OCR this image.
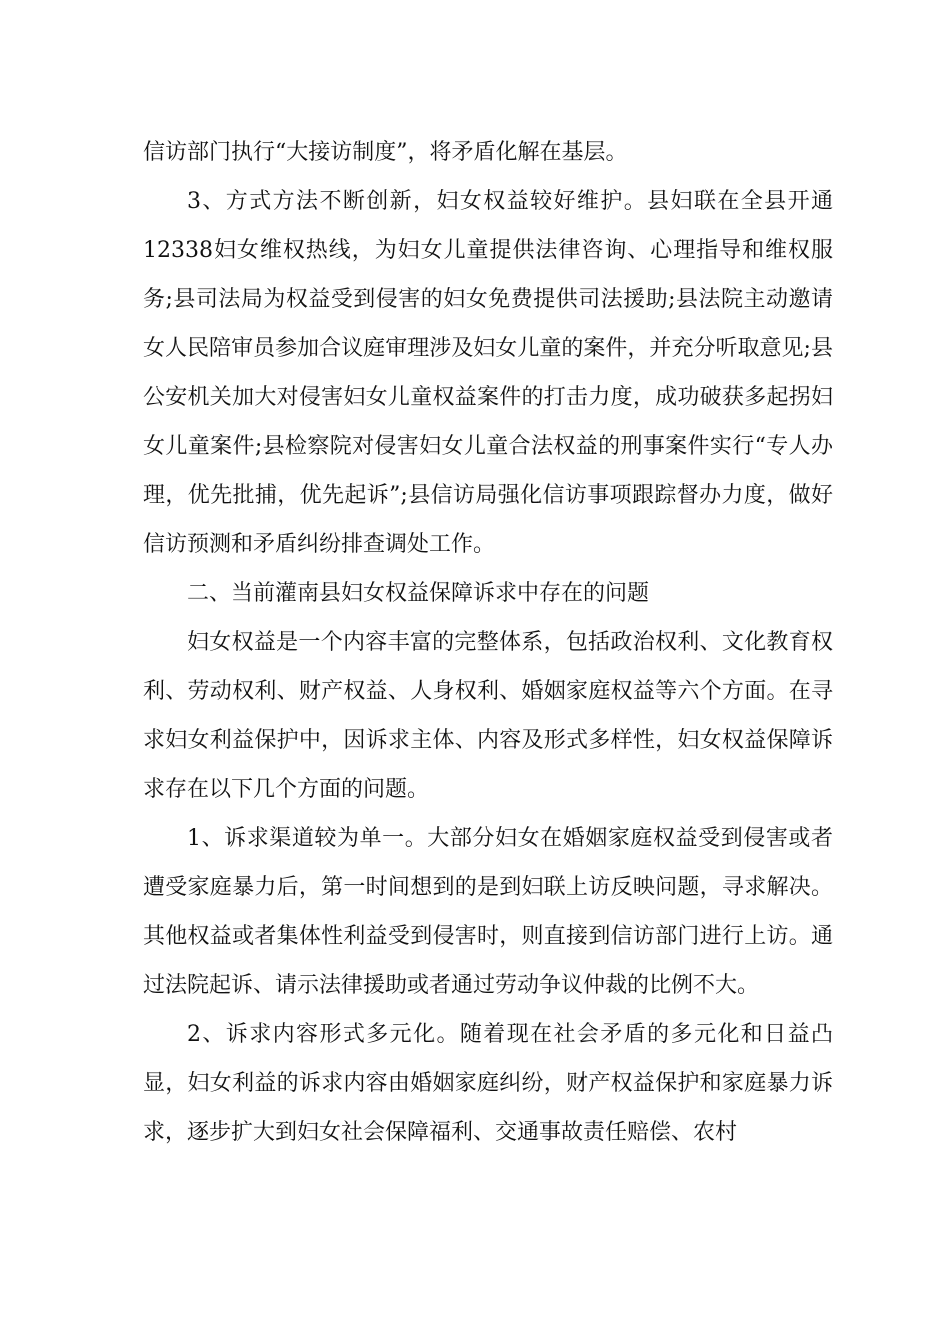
信访部门执行“大接访制度”，将矛盾化解在基层。

3、方式方法不断创新，妇女权益较好维护。县妇联在全县开通12338妇女维权热线，为妇女儿童提供法律咨询、心理指导和维权服务;县司法局为权益受到侵害的妇女免费提供司法援助;县法院主动邀请女人民陪审员参加合议庭审理涉及妇女儿童的案件，并充分听取意见;县公安机关加大对侵害妇女儿童权益案件的打击力度，成功破获多起拐妇女儿童案件;县检察院对侵害妇女儿童合法权益的刑事案件实行“专人办理，优先批捕，优先起诉”;县信访局强化信访事项跟踪督办力度，做好信访预测和矛盾纠纷排查调处工作。

二、当前灌南县妇女权益保障诉求中存在的问题

妇女权益是一个内容丰富的完整体系，包括政治权利、文化教育权利、劳动权利、财产权益、人身权利、婚姻家庭权益等六个方面。在寻求妇女利益保护中，因诉求主体、内容及形式多样性，妇女权益保障诉求存在以下几个方面的问题。

1、诉求渠道较为单一。大部分妇女在婚姻家庭权益受到侵害或者遭受家庭暴力后，第一时间想到的是到妇联上访反映问题，寻求解决。其他权益或者集体性利益受到侵害时，则直接到信访部门进行上访。通过法院起诉、请示法律援助或者通过劳动争议仲裁的比例不大。

2、诉求内容形式多元化。随着现在社会矛盾的多元化和日益凸显，妇女利益的诉求内容由婚姻家庭纠纷，财产权益保护和家庭暴力诉求，逐步扩大到妇女社会保障福利、交通事故责任赔偿、农村
